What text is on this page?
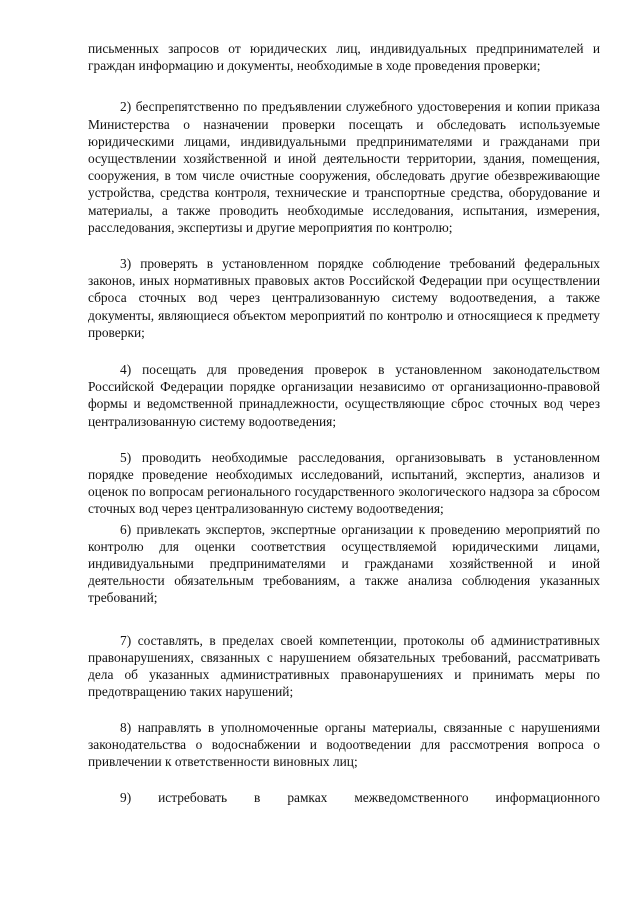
письменных запросов от юридических лиц, индивидуальных предпринимателей и граждан информацию и документы, необходимые в ходе проведения проверки;

2) беспрепятственно по предъявлении служебного удостоверения и копии приказа Министерства о назначении проверки посещать и обследовать используемые юридическими лицами, индивидуальными предпринимателями и гражданами при осуществлении хозяйственной и иной деятельности территории, здания, помещения, сооружения, в том числе очистные сооружения, обследовать другие обезвреживающие устройства, средства контроля, технические и транспортные средства, оборудование и материалы, а также проводить необходимые исследования, испытания, измерения, расследования, экспертизы и другие мероприятия по контролю;

3) проверять в установленном порядке соблюдение требований федеральных законов, иных нормативных правовых актов Российской Федерации при осуществлении сброса сточных вод через централизованную систему водоотведения, а также документы, являющиеся объектом мероприятий по контролю и относящиеся к предмету проверки;

4) посещать для проведения проверок в установленном законодательством Российской Федерации порядке организации независимо от организационно-правовой формы и ведомственной принадлежности, осуществляющие сброс сточных вод через централизованную систему водоотведения;

5) проводить необходимые расследования, организовывать в установленном порядке проведение необходимых исследований, испытаний, экспертиз, анализов и оценок по вопросам регионального государственного экологического надзора за сбросом сточных вод через централизованную систему водоотведения;

6) привлекать экспертов, экспертные организации к проведению мероприятий по контролю для оценки соответствия осуществляемой юридическими лицами, индивидуальными предпринимателями и гражданами хозяйственной и иной деятельности обязательным требованиям, а также анализа соблюдения указанных требований;

7) составлять, в пределах своей компетенции, протоколы об административных правонарушениях, связанных с нарушением обязательных требований, рассматривать дела об указанных административных правонарушениях и принимать меры по предотвращению таких нарушений;

8) направлять в уполномоченные органы материалы, связанные с нарушениями законодательства о водоснабжении и водоотведении для рассмотрения вопроса о привлечении к ответственности виновных лиц;

9) истребовать в рамках межведомственного информационного
